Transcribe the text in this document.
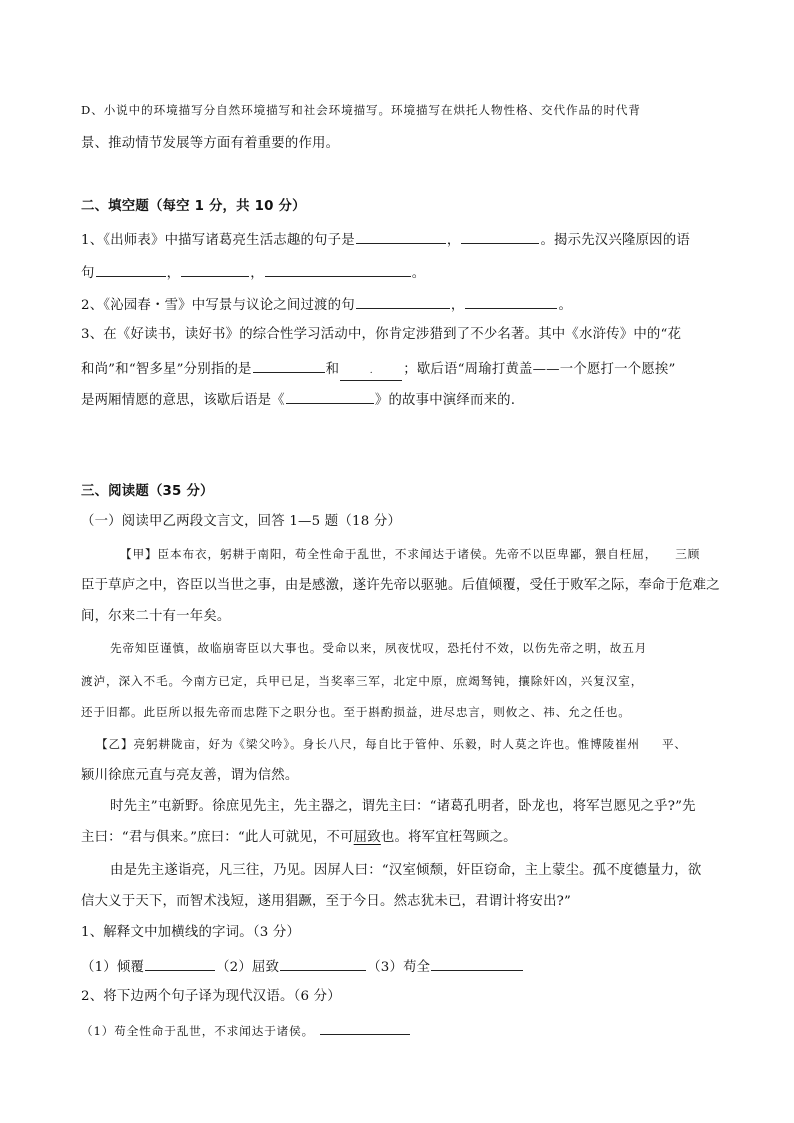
D、小说中的环境描写分自然环境描写和社会环境描写。环境描写在烘托人物性格、交代作品的时代背
景、推动情节发展等方面有着重要的作用。
二、填空题（每空 1 分，共 10 分）
1、《出师表》中描写诸葛亮生活志趣的句子是	，	。揭示先汉兴隆原因的语
句	，	，	。
2、《沁园春・雪》中写景与议论之间过渡的句	，	。
3、在《好读书，读好书》的综合性学习活动中，你肯定涉猎到了不少名著。其中《水浒传》中的“花
和尚”和“智多星”分别指的是	和	. ；歇后语“周瑜打黄盖——一个愿打一个愿挨”
是两厢情愿的意思，该歇后语是《	》的故事中演绎而来的.
三、阅读题（35 分）
（一）阅读甲乙两段文言文，回答 1—5 题（18 分）
【甲】臣本布衣，躬耕于南阳，苟全性命于乱世，不求闻达于诸侯。先帝不以臣卑鄙，猥自枉屈， 三顾
臣于草庐之中，咨臣以当世之事，由是感激，遂许先帝以驱驰。后值倾覆，受任于败军之际，奉命于危难之
间，尔来二十有一年矣。
先帝知臣谨慎，故临崩寄臣以大事也。受命以来，夙夜忧叹，恐托付不效，以伤先帝之明，故五月
渡泸，深入不毛。今南方已定，兵甲已足，当奖率三军，北定中原，庶竭驽钝，攘除奸凶，兴复汉室，
还于旧都。此臣所以报先帝而忠陛下之职分也。至于斟酌损益，进尽忠言，则攸之、祎、允之任也。
【乙】亮躬耕陇亩，好为《梁父吟》。身长八尺，每自比于管仲、乐毅，时人莫之许也。惟博陵崔州 平、
颍川徐庶元直与亮友善，谓为信然。
时先主”屯新野。徐庶见先主，先主器之，谓先主曰：“诸葛孔明者，卧龙也，将军岂愿见之乎?”先
主曰：“君与俱来。”庶曰：“此人可就见，不可屈致也。将军宜枉驾顾之。
由是先主遂诣亮，凡三往，乃见。因屏人曰：“汉室倾颓，奸臣窃命，主上蒙尘。孤不度德量力，欲
信大义于天下，而智术浅短，遂用猖蹶，至于今日。然志犹未已，君谓计将安出?”
1、解释文中加横线的字词。（3 分）
（1）倾覆	（2）屈致	（3）苟全
2、将下边两个句子译为现代汉语。（6 分）
（1）苟全性命于乱世，不求闻达于诸侯。
